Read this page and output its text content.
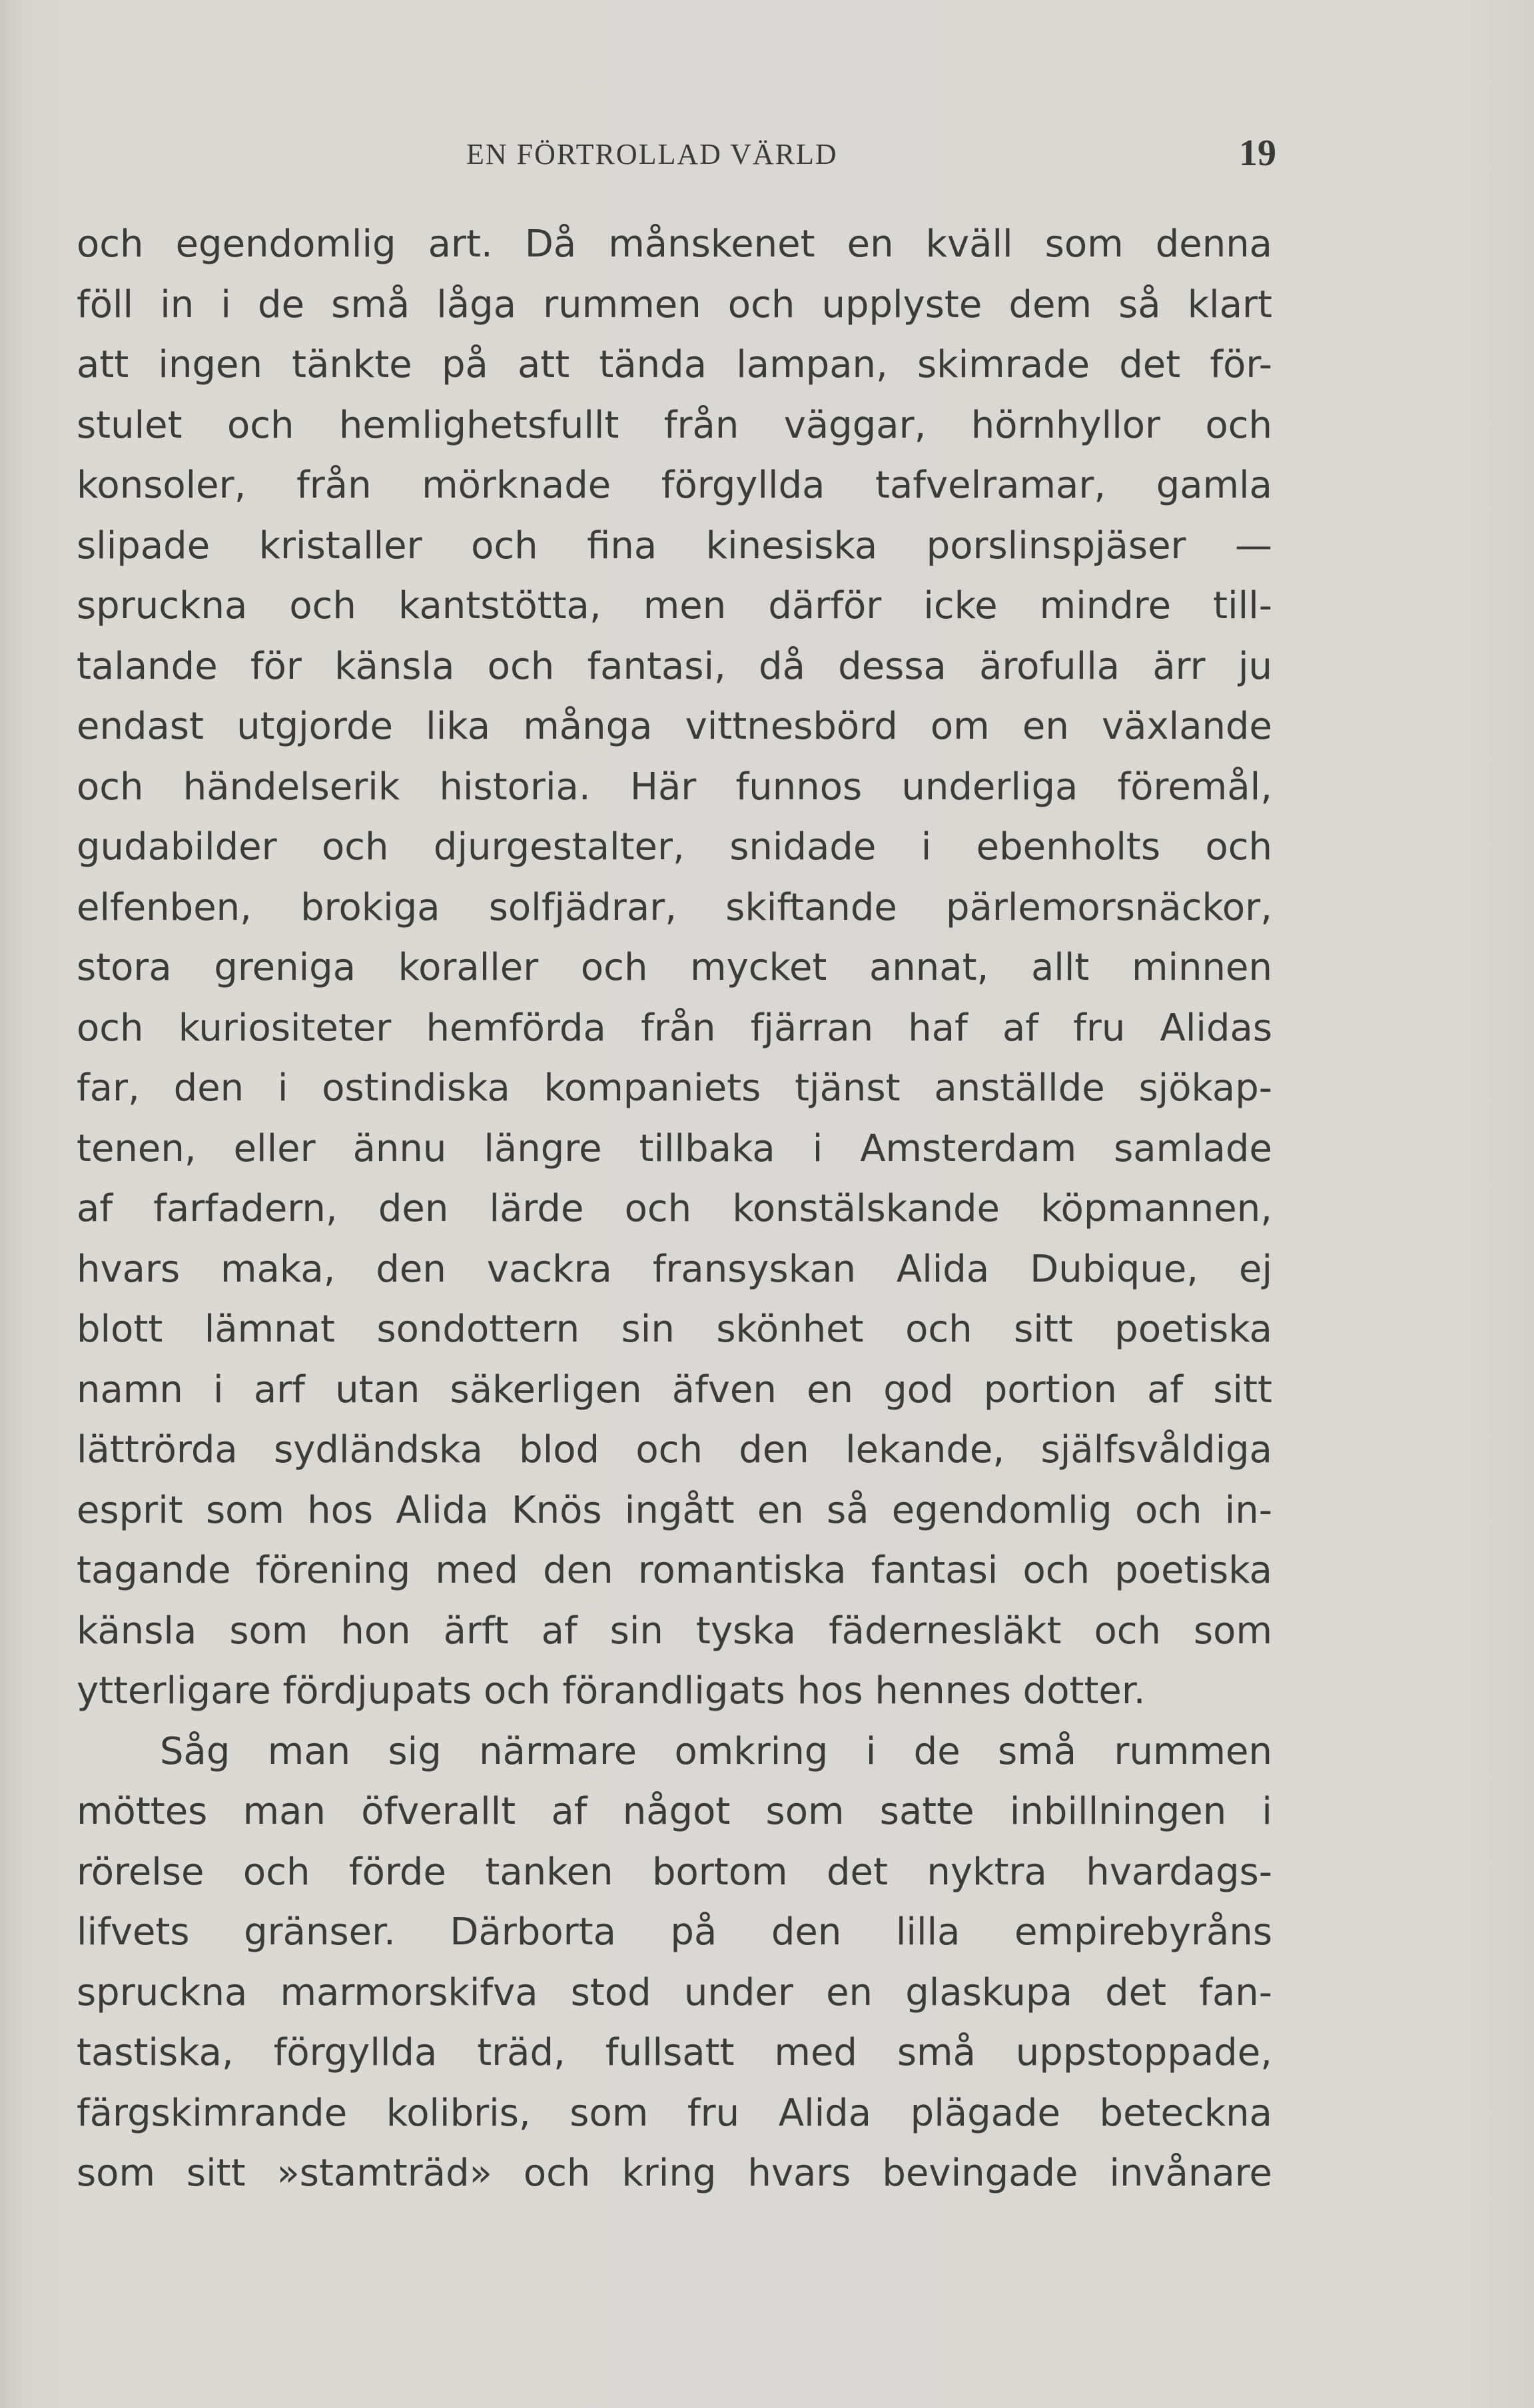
EN FÖRTROLLAD VÄRLD	19
och egendomlig art. Då månskenet en kväll som denna
föll in i de små låga rummen och upplyste dem så klart
att ingen tänkte på att tända lampan, skimrade det för-
stulet och hemlighetsfullt från väggar, hörnhyllor och
konsoler, från mörknade förgyllda tafvelramar, gamla
slipade kristaller och fina kinesiska porslinspjäser —
spruckna och kantstötta, men därför icke mindre till-
talande för känsla och fantasi, då dessa ärofulla ärr ju
endast utgjorde lika många vittnesbörd om en växlande
och händelserik historia. Här funnos underliga föremål,
gudabilder och djurgestalter, snidade i ebenholts och
elfenben, brokiga solfjädrar, skiftande pärlemorsnäckor,
stora greniga koraller och mycket annat, allt minnen
och kuriositeter hemförda från fjärran haf af fru Alidas
far, den i ostindiska kompaniets tjänst anställde sjökap-
tenen, eller ännu längre tillbaka i Amsterdam samlade
af farfadern, den lärde och konstälskande köpmannen,
hvars maka, den vackra fransyskan Alida Dubique, ej
blott lämnat sondottern sin skönhet och sitt poetiska
namn i arf utan säkerligen äfven en god portion af sitt
lättrörda sydländska blod och den lekande, själfsvåldiga
esprit som hos Alida Knös ingått en så egendomlig och in-
tagande förening med den romantiska fantasi och poetiska
känsla som hon ärft af sin tyska fädernesläkt och som
ytterligare fördjupats och förandligats hos hennes dotter.
Såg man sig närmare omkring i de små rummen
möttes man öfverallt af något som satte inbillningen i
rörelse och förde tanken bortom det nyktra hvardags-
lifvets gränser. Därborta på den lilla empirebyråns
spruckna marmorskifva stod under en glaskupa det fan-
tastiska, förgyllda träd, fullsatt med små uppstoppade,
färgskimrande kolibris, som fru Alida plägade beteckna
som sitt »stamträd» och kring hvars bevingade invånare
